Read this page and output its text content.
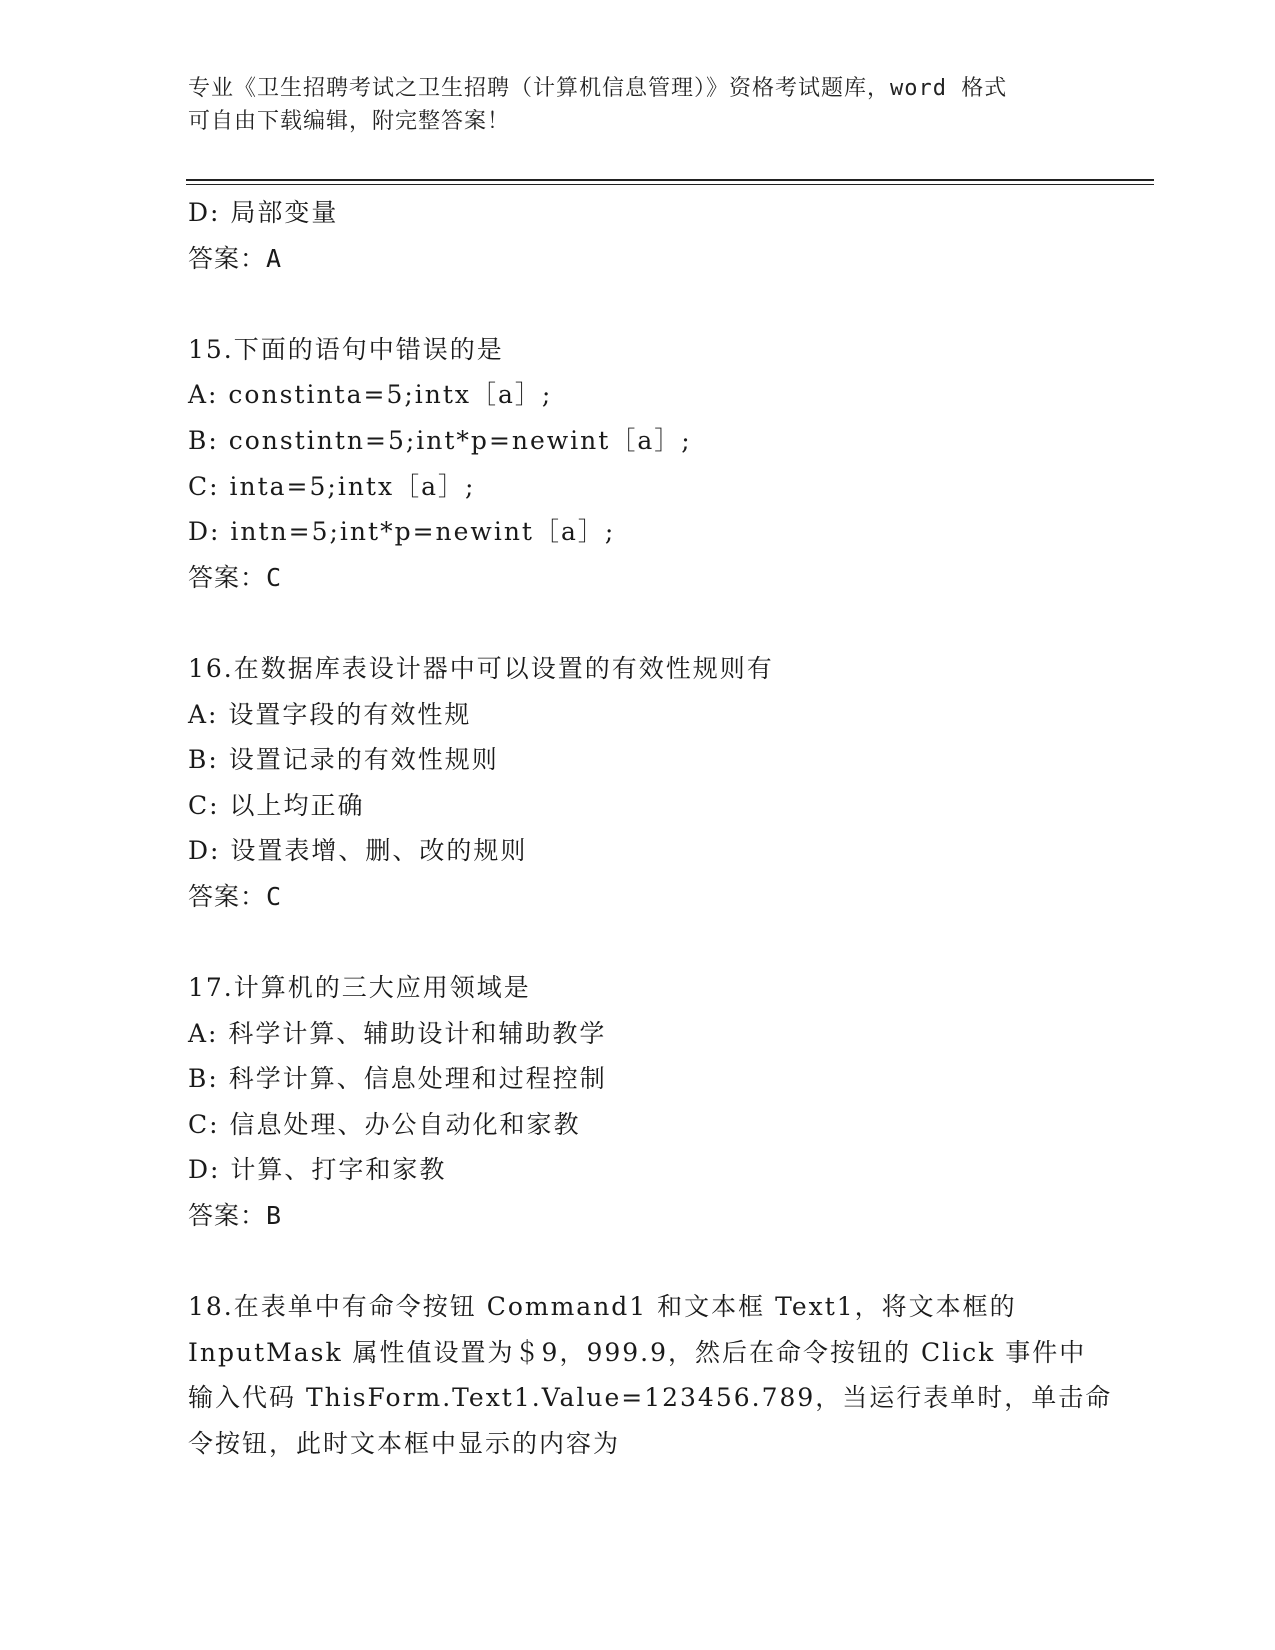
专业《卫生招聘考试之卫生招聘（计算机信息管理）》资格考试题库，word 格式
可自由下载编辑，附完整答案！
D: 局部变量
答案：A
15.下面的语句中错误的是
A: constinta=5;intx［a］;
B: constintn=5;int*p=newint［a］;
C: inta=5;intx［a］;
D: intn=5;int*p=newint［a］;
答案：C
16.在数据库表设计器中可以设置的有效性规则有
A: 设置字段的有效性规
B: 设置记录的有效性规则
C: 以上均正确
D: 设置表增、删、改的规则
答案：C
17.计算机的三大应用领域是
A: 科学计算、辅助设计和辅助教学
B: 科学计算、信息处理和过程控制
C: 信息处理、办公自动化和家教
D: 计算、打字和家教
答案：B
18.在表单中有命令按钮 Command1 和文本框 Text1，将文本框的
InputMask 属性值设置为＄9，999.9，然后在命令按钮的 Click 事件中
输入代码 ThisForm.Text1.Value=123456.789，当运行表单时，单击命
令按钮，此时文本框中显示的内容为
